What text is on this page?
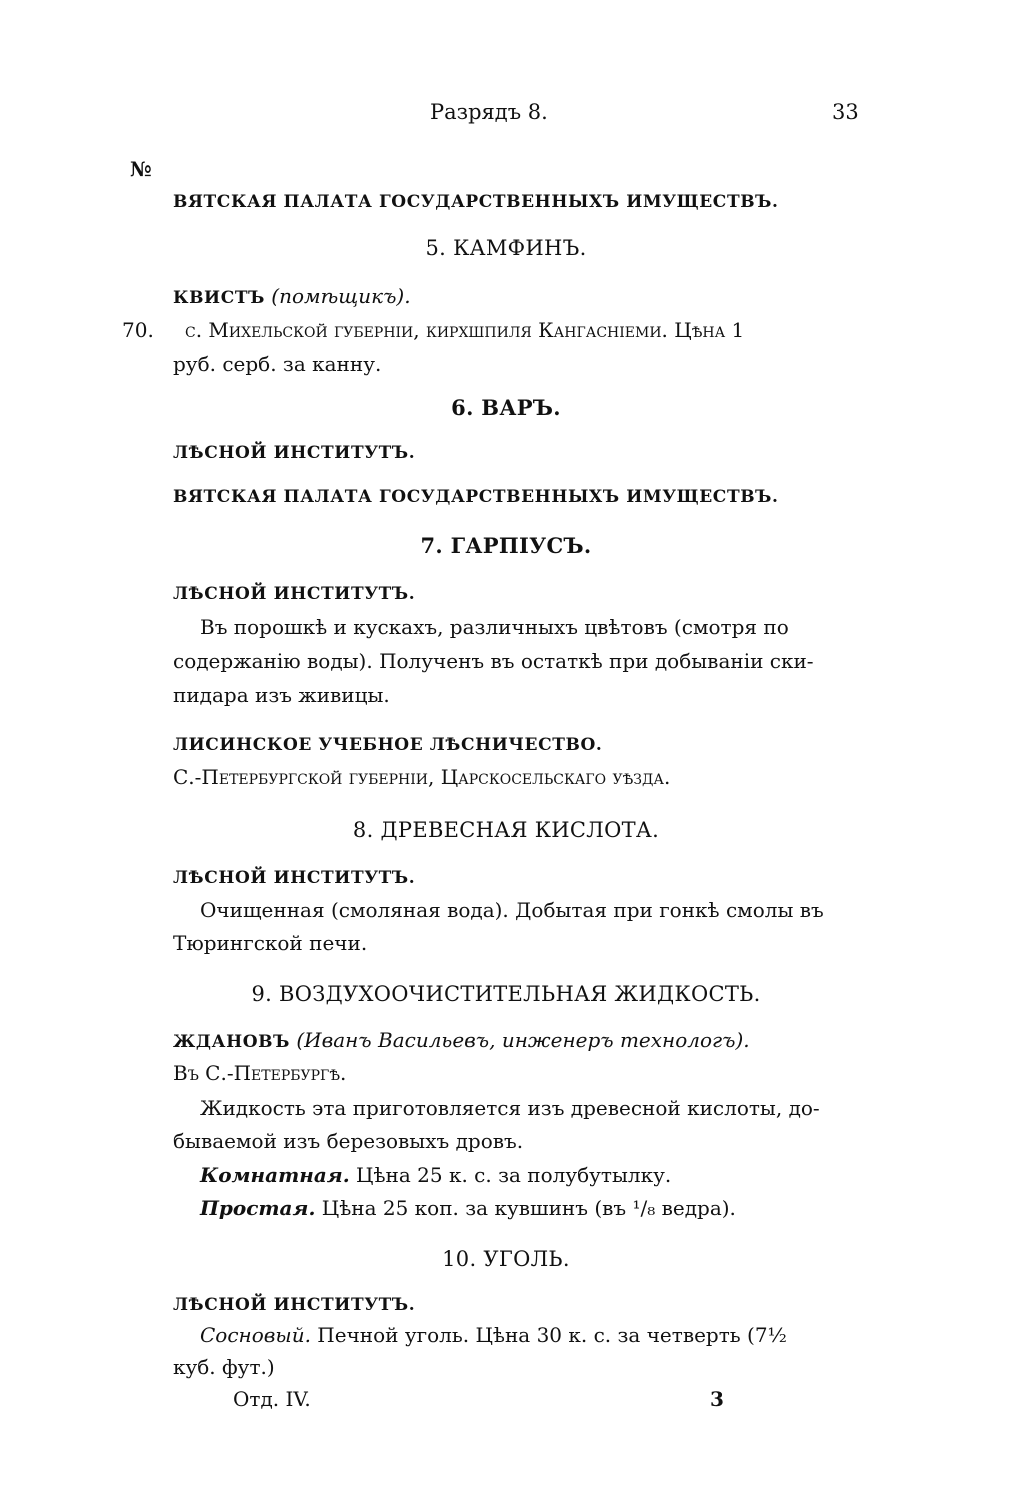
Разрядъ 8.	33
№
ВЯТСКАЯ ПАЛАТА ГОСУДАРСТВЕННЫХЪ ИМУЩЕСТВЪ.
5. КАМФИНЪ.
КВИСТЪ (помѣщикъ).
70. с. Михельской губерніи, кирхшпиля Кангасніеми. Цѣна 1
руб. серб. за канну.
6. ВАРЪ.
ЛѢСНОЙ ИНСТИТУТЪ.
ВЯТСКАЯ ПАЛАТА ГОСУДАРСТВЕННЫХЪ ИМУЩЕСТВЪ.
7. ГАРПІУСЪ.
ЛѢСНОЙ ИНСТИТУТЪ.
Въ порошкѣ и кускахъ, различныхъ цвѣтовъ (смотря по
содержанію воды). Полученъ въ остаткѣ при добываніи ски-
пидара изъ живицы.
ЛИСИНСКОЕ УЧЕБНОЕ ЛѢСНИЧЕСТВО.
С.-Петербургской губерніи, Царскосельскаго уѣзда.
8. ДРЕВЕСНАЯ КИСЛОТА.
ЛѢСНОЙ ИНСТИТУТЪ.
Очищенная (смоляная вода). Добытая при гонкѣ смолы въ
Тюрингской печи.
9. ВОЗДУХООЧИСТИТЕЛЬНАЯ ЖИДКОСТЬ.
ЖДАНОВЪ (Иванъ Васильевъ, инженеръ технологъ).
Въ С.-Петербургѣ.
Жидкость эта приготовляется изъ древесной кислоты, до-
бываемой изъ березовыхъ дровъ.
Комнатная. Цѣна 25 к. с. за полубутылку.
Простая. Цѣна 25 коп. за кувшинъ (въ ¹/₈ ведра).
10. УГОЛЬ.
ЛѢСНОЙ ИНСТИТУТЪ.
Сосновый. Печной уголь. Цѣна 30 к. с. за четверть (7½
куб. фут.)
Отд. IV.	3
